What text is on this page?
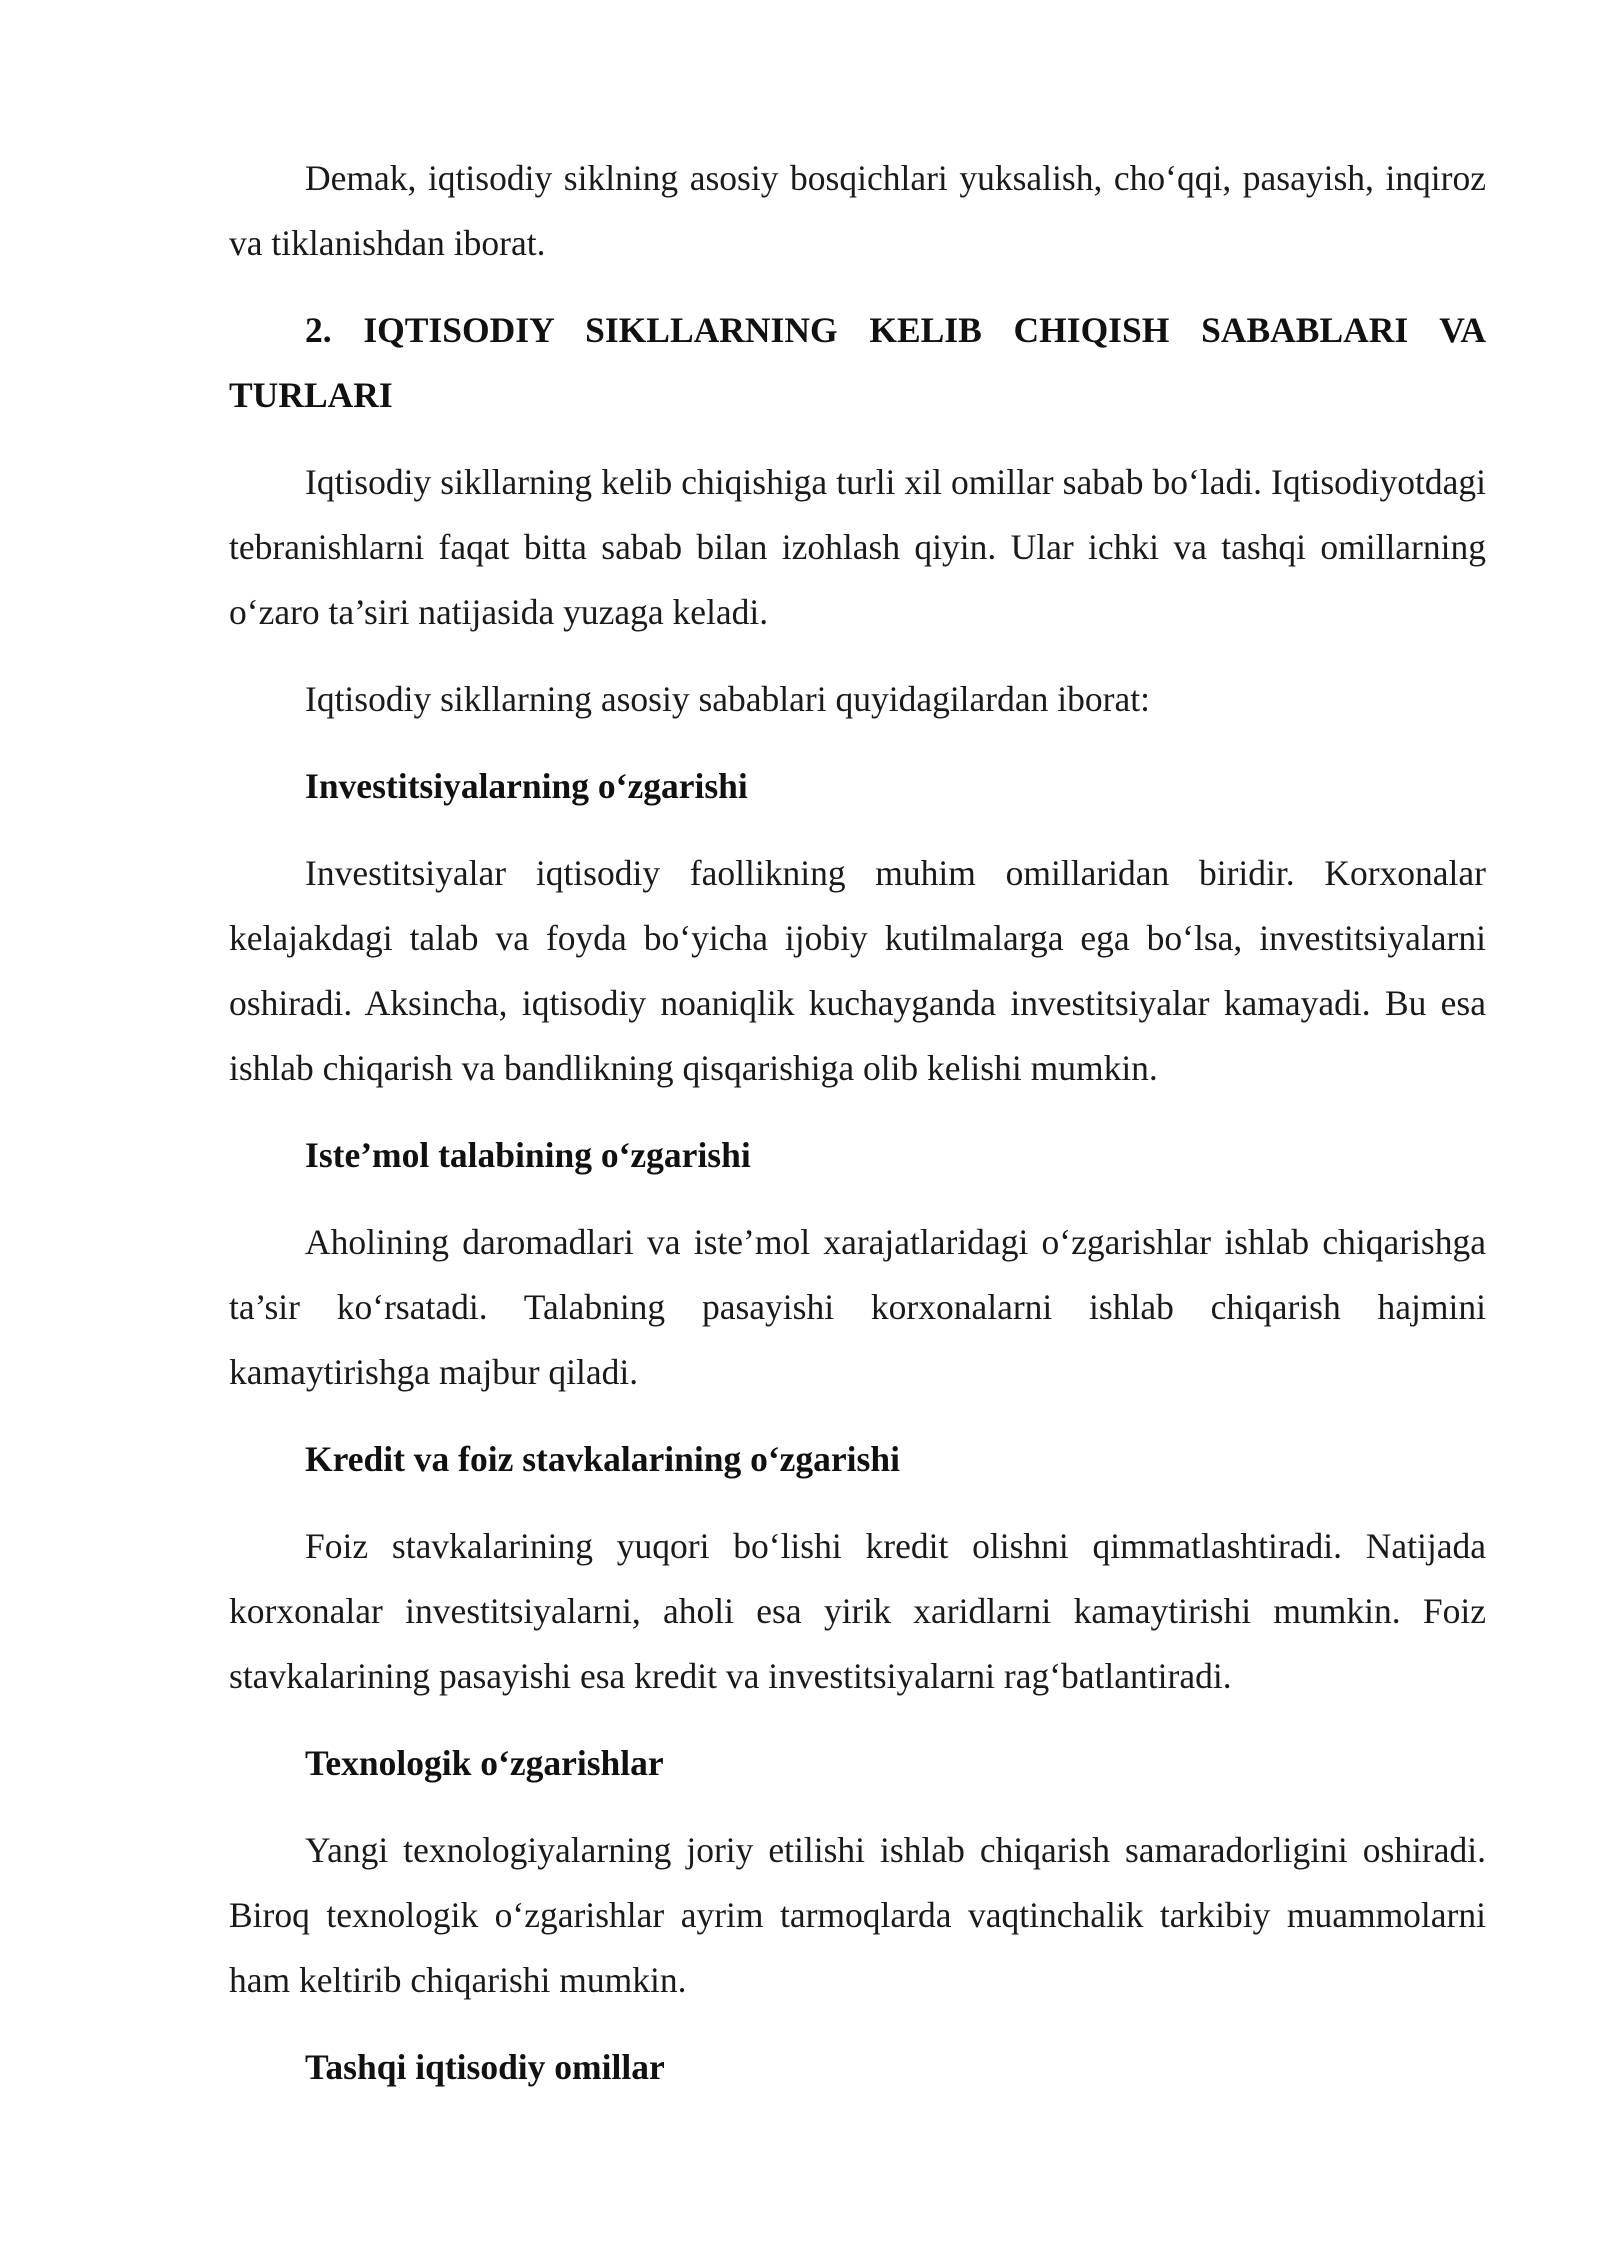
Demak, iqtisodiy siklning asosiy bosqichlari yuksalish, cho‘qqi, pasayish, inqiroz va tiklanishdan iborat.

2. IQTISODIY SIKLLARNING KELIB CHIQISH SABABLARI VA TURLARI

Iqtisodiy sikllarning kelib chiqishiga turli xil omillar sabab bo‘ladi. Iqtisodiyotdagi tebranishlarni faqat bitta sabab bilan izohlash qiyin. Ular ichki va tashqi omillarning o‘zaro ta’siri natijasida yuzaga keladi.

Iqtisodiy sikllarning asosiy sabablari quyidagilardan iborat:

Investitsiyalarning o‘zgarishi

Investitsiyalar iqtisodiy faollikning muhim omillaridan biridir. Korxonalar kelajakdagi talab va foyda bo‘yicha ijobiy kutilmalarga ega bo‘lsa, investitsiyalarni oshiradi. Aksincha, iqtisodiy noaniqlik kuchayganda investitsiyalar kamayadi. Bu esa ishlab chiqarish va bandlikning qisqarishiga olib kelishi mumkin.

Iste’mol talabining o‘zgarishi

Aholining daromadlari va iste’mol xarajatlaridagi o‘zgarishlar ishlab chiqarishga ta’sir ko‘rsatadi. Talabning pasayishi korxonalarni ishlab chiqarish hajmini kamaytirishga majbur qiladi.

Kredit va foiz stavkalarining o‘zgarishi

Foiz stavkalarining yuqori bo‘lishi kredit olishni qimmatlashtiradi. Natijada korxonalar investitsiyalarni, aholi esa yirik xaridlarni kamaytirishi mumkin. Foiz stavkalarining pasayishi esa kredit va investitsiyalarni rag‘batlantiradi.

Texnologik o‘zgarishlar

Yangi texnologiyalarning joriy etilishi ishlab chiqarish samaradorligini oshiradi. Biroq texnologik o‘zgarishlar ayrim tarmoqlarda vaqtinchalik tarkibiy muammolarni ham keltirib chiqarishi mumkin.

Tashqi iqtisodiy omillar
